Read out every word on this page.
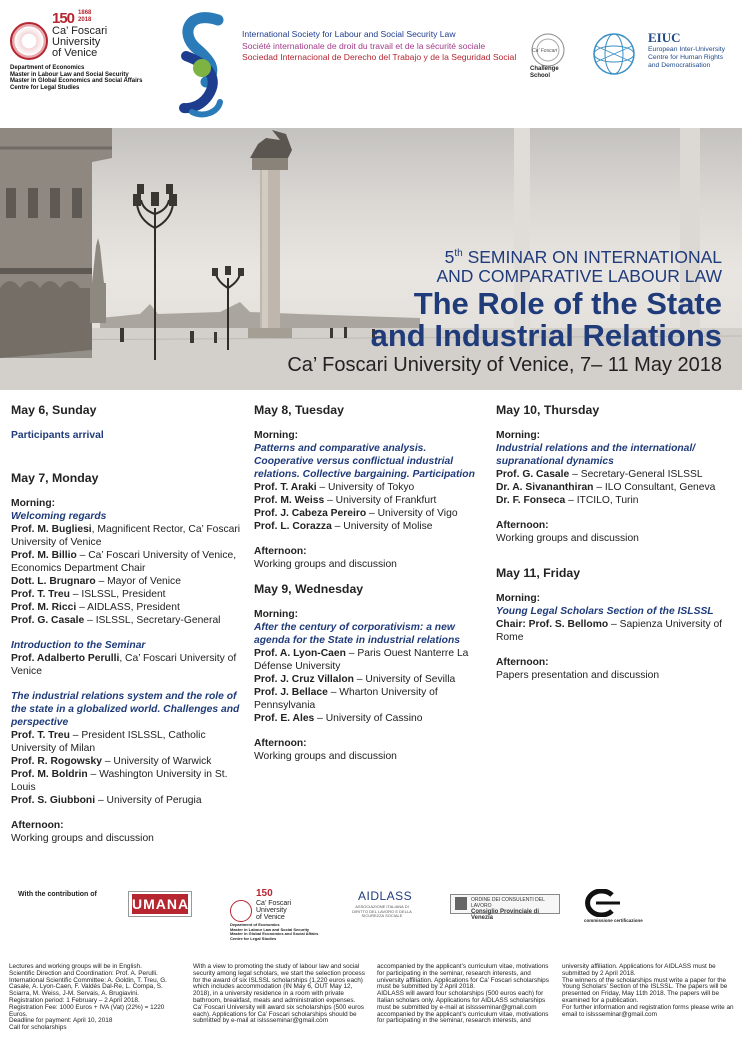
150 1868
2018
Ca’ Foscari
University
of Venice
Department of Economics
Master in Labour Law and Social Security
Master in Global Economics and Social Affairs
Centre for Legal Studies
International Society for Labour and Social Security Law
Société internationale de droit du travail et de la sécurité sociale
Sociedad Internacional de Derecho del Trabajo y de la Seguridad Social
Ca' Foscari
Challenge
School
EIUC
European Inter-University
Centre for Human Rights
and Democratisation
5th SEMINAR ON INTERNATIONAL
AND COMPARATIVE LABOUR LAW
The Role of the State
and Industrial Relations
Ca’ Foscari University of Venice, 7– 11 May 2018
May 6, Sunday
Participants arrival
May 7, Monday
Morning:
Welcoming regards
Prof. M. Bugliesi, Magnificent Rector, Ca’ Foscari University of Venice
Prof. M. Billio – Ca’ Foscari University of Venice, Economics Department Chair
Dott. L. Brugnaro – Mayor of Venice
Prof. T. Treu – ISLSSL, President
Prof. M. Ricci – AIDLASS, President
Prof. G. Casale – ISLSSL, Secretary-General
Introduction to the Seminar
Prof. Adalberto Perulli, Ca’ Foscari University of Venice
The industrial relations system and the role of the state in a globalized world. Challenges and perspective
Prof. T. Treu – President ISLSSL, Catholic University of Milan
Prof. R. Rogowsky – University of Warwick
Prof. M. Boldrin – Washington University in St. Louis
Prof. S. Giubboni – University of Perugia
Afternoon:
Working groups and discussion
May 8, Tuesday
Morning:
Patterns and comparative analysis. Cooperative versus conflictual industrial relations. Collective bargaining. Participation
Prof. T. Araki – University of Tokyo
Prof. M. Weiss – University of Frankfurt
Prof. J. Cabeza Pereiro – University of Vigo
Prof. L. Corazza – University of Molise
Afternoon:
Working groups and discussion
May 9, Wednesday
Morning:
After the century of corporativism: a new agenda for the State in industrial relations
Prof. A. Lyon-Caen – Paris Ouest Nanterre La Défense University
Prof. J. Cruz Villalon – University of Sevilla
Prof. J. Bellace – Wharton University of Pennsylvania
Prof. E. Ales – University of Cassino
Afternoon:
Working groups and discussion
May 10, Thursday
Morning:
Industrial relations and the international/ supranational dynamics
Prof. G. Casale – Secretary-General ISLSSL
Dr. A. Sivananthiran – ILO Consultant, Geneva
Dr. F. Fonseca – ITCILO, Turin
Afternoon:
Working groups and discussion
May 11, Friday
Morning:
Young Legal Scholars Section of the ISLSSL
Chair: Prof. S. Bellomo – Sapienza University of Rome
Afternoon:
Papers presentation and discussion
With the contribution of
UMANA
150
Ca’ Foscari
University
of Venice
Department of Economics
Master in Labour Law and Social Security
Master in Global Economics and Social Affairs
Centre for Legal Studies
AIDLASS
ASSOCIAZIONE ITALIANA DI DIRITTO DEL LAVORO E DELLA SICUREZZA SOCIALE
ORDINE DEI CONSULENTI DEL LAVORO
Consiglio Provinciale di Venezia	commissione certificazione
Lectures and working groups will be in English.
Scientific Direction and Coordination: Prof. A. Perulli.
International Scientific Committee: A. Goldin, T. Treu, G. Casale, A. Lyon-Caen, F. Valdés Dal-Re, L. Compa, S. Sciarra, M. Weiss, J-M. Servais, A. Brugiavini.
Registration period: 1 February – 2 April 2018.
Registration Fee: 1000 Euros + IVA (Vat) (22%) = 1220 Euros.
Deadline for payment: April 10, 2018
Call for scholarships
With a view to promoting the study of labour law and social security among legal scholars, we start the selection process for the award of six ISLSSL scholarships (1,220 euros each) which includes accommodation (IN May 6, OUT May 12, 2018), in a university residence in a room with private bathroom, breakfast, meals and administration expenses.
Ca’ Foscari University will award six scholarships (500 euros each). Applications for Ca’ Foscari scholarships should be submitted by e-mail at islssseminar@gmail.com
accompanied by the applicant’s curriculum vitae, motivations for participating in the seminar, research interests, and university affiliation. Applications for Ca’ Foscari scholarships must be submitted by 2 April 2018.
AIDLASS will award four scholarships (500 euros each) for Italian scholars only. Applications for AIDLASS scholarships must be submitted by e-mail at islssseminar@gmail.com accompanied by the applicant’s curriculum vitae, motivations for participating in the seminar, research interests, and
university affiliation. Applications for AIDLASS must be submitted by 2 April 2018.
The winners of the scholarships must write a paper for the Young Scholars’ Section of the ISLSSL. The papers will be presented on Friday, May 11th 2018. The papers will be examined for a publication.
For further information and registration forms please write an email to islssseminar@gmail.com
